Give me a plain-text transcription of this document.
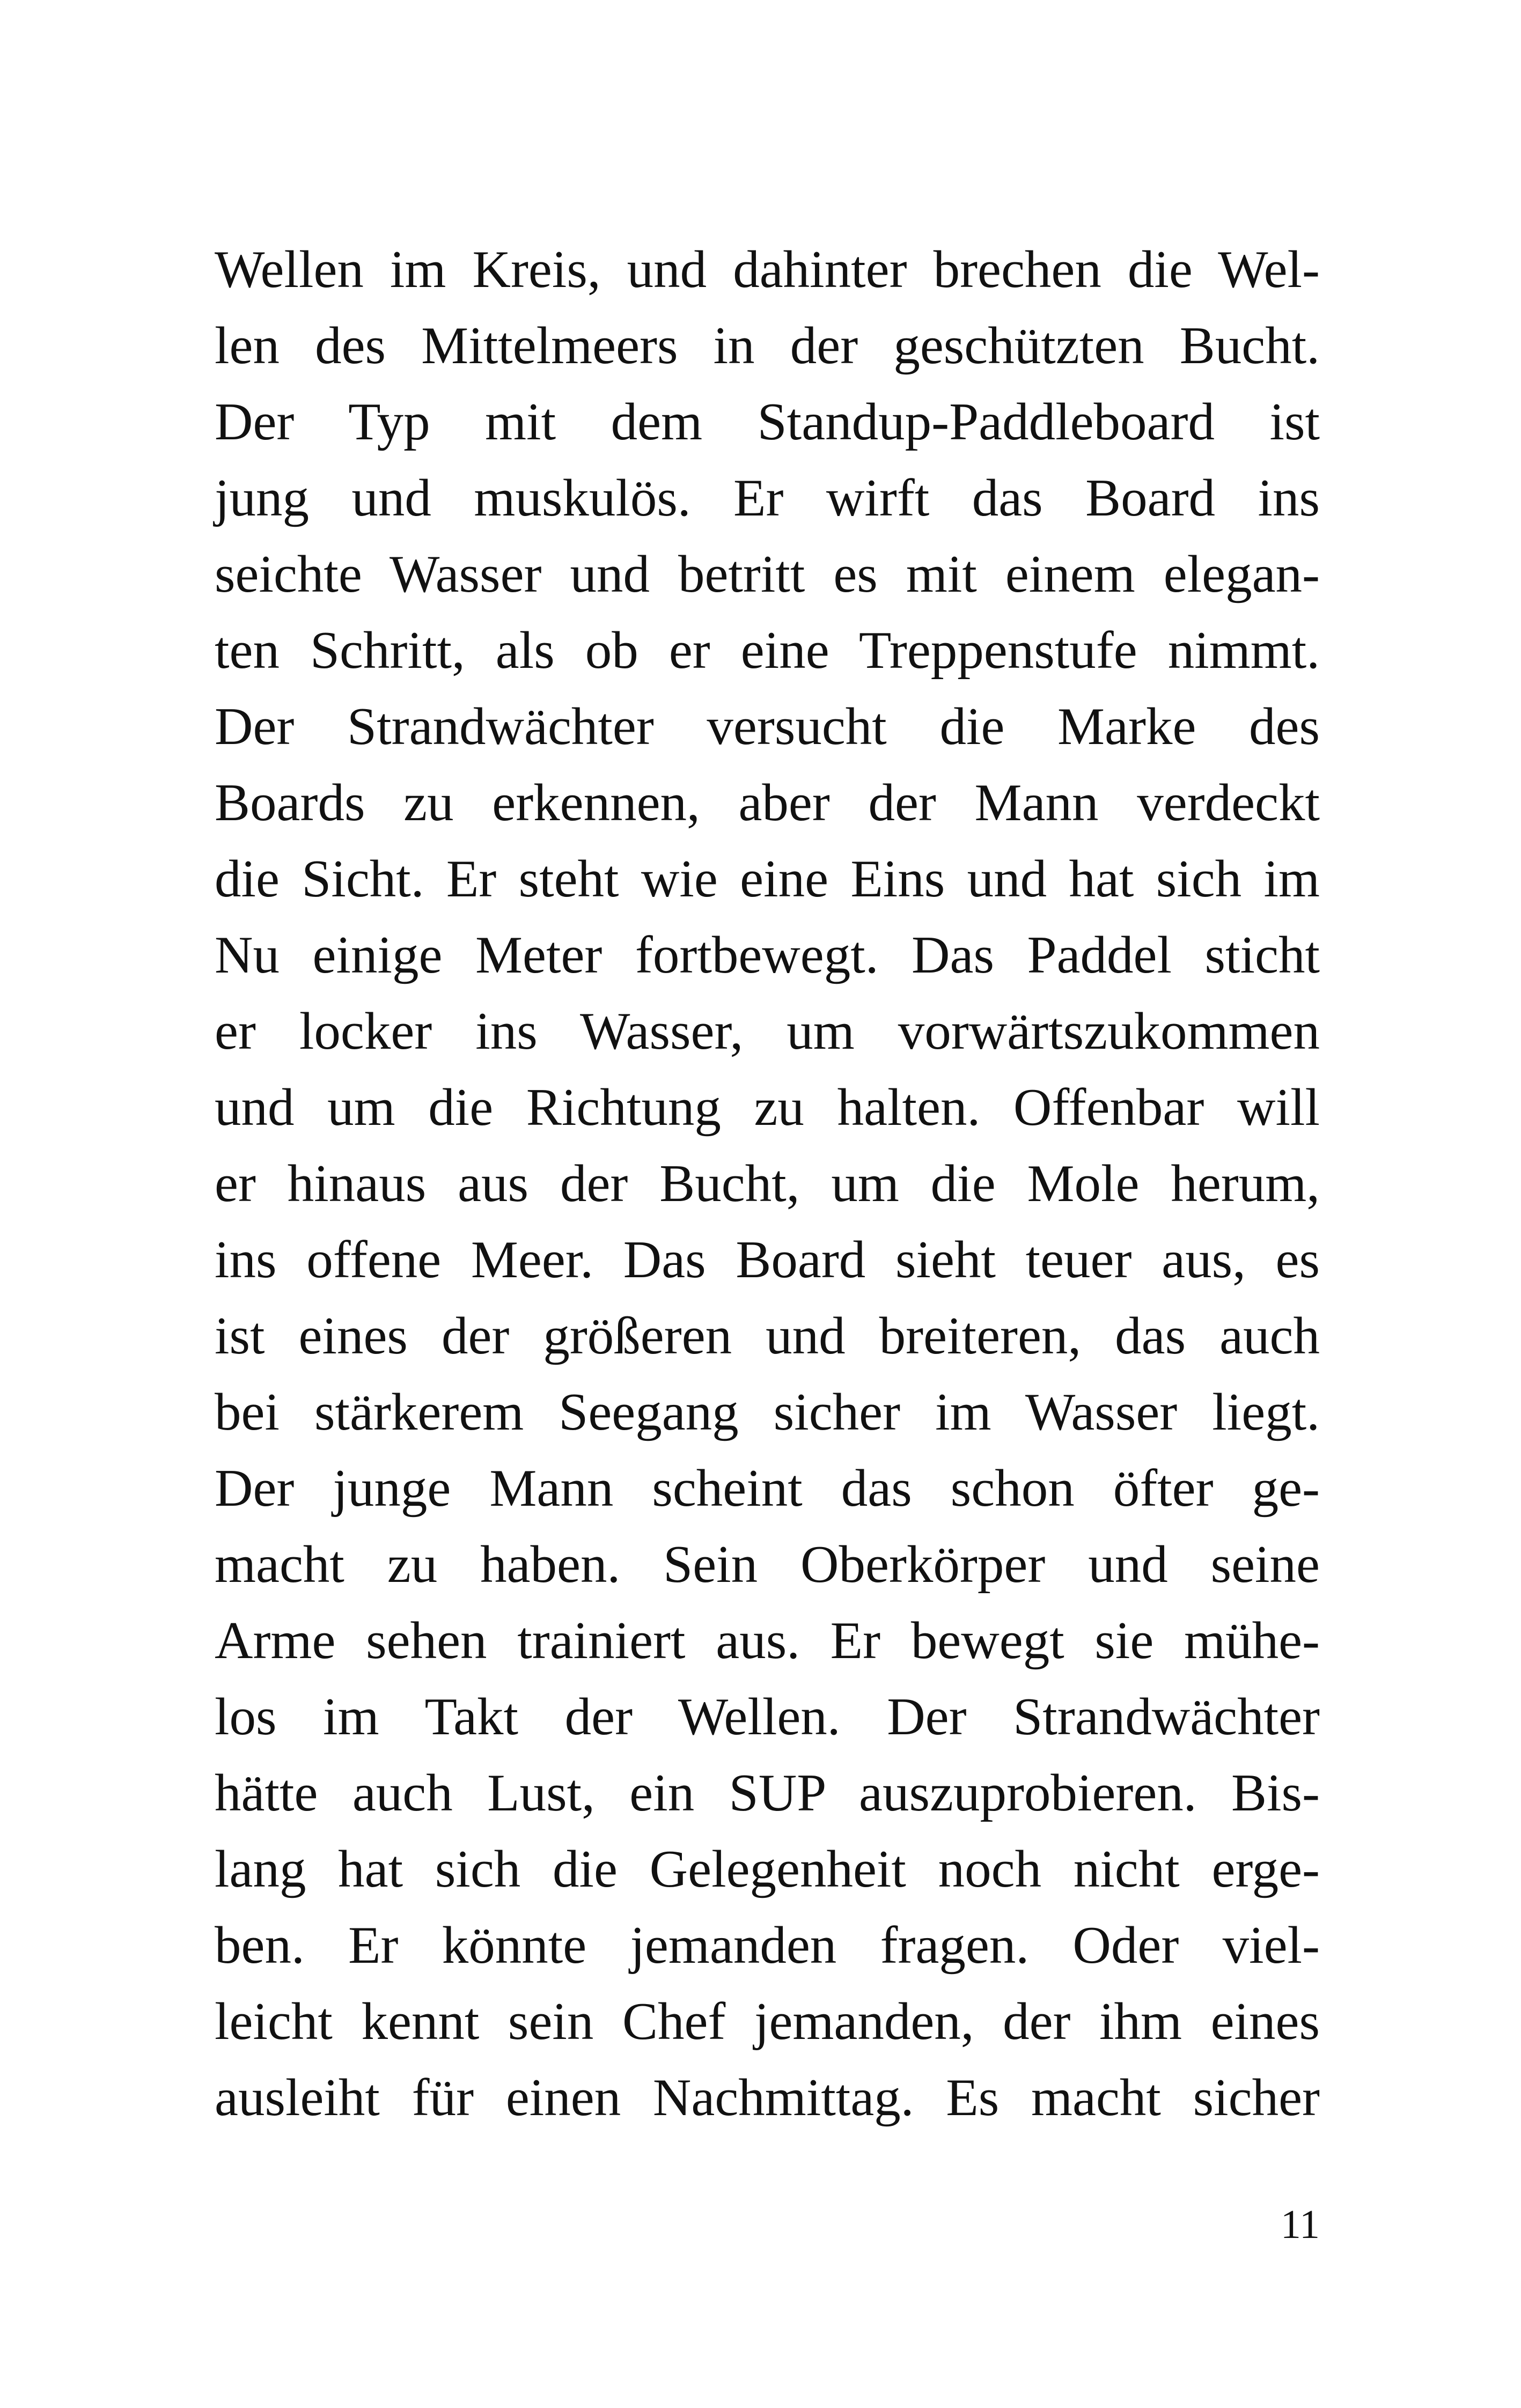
Wellen im Kreis, und dahinter brechen die Wel-
len des Mittelmeers in der geschützten Bucht.
Der Typ mit dem Standup-Paddleboard ist
jung und muskulös. Er wirft das Board ins
seichte Wasser und betritt es mit einem elegan-
ten Schritt, als ob er eine Treppenstufe nimmt.
Der Strandwächter versucht die Marke des
Boards zu erkennen, aber der Mann verdeckt
die Sicht. Er steht wie eine Eins und hat sich im
Nu einige Meter fortbewegt. Das Paddel sticht
er locker ins Wasser, um vorwärtszukommen
und um die Richtung zu halten. Offenbar will
er hinaus aus der Bucht, um die Mole herum,
ins offene Meer. Das Board sieht teuer aus, es
ist eines der größeren und breiteren, das auch
bei stärkerem Seegang sicher im Wasser liegt.
Der junge Mann scheint das schon öfter ge-
macht zu haben. Sein Oberkörper und seine
Arme sehen trainiert aus. Er bewegt sie mühe-
los im Takt der Wellen. Der Strandwächter
hätte auch Lust, ein SUP auszuprobieren. Bis-
lang hat sich die Gelegenheit noch nicht erge-
ben. Er könnte jemanden fragen. Oder viel-
leicht kennt sein Chef jemanden, der ihm eines
ausleiht für einen Nachmittag. Es macht sicher
11
